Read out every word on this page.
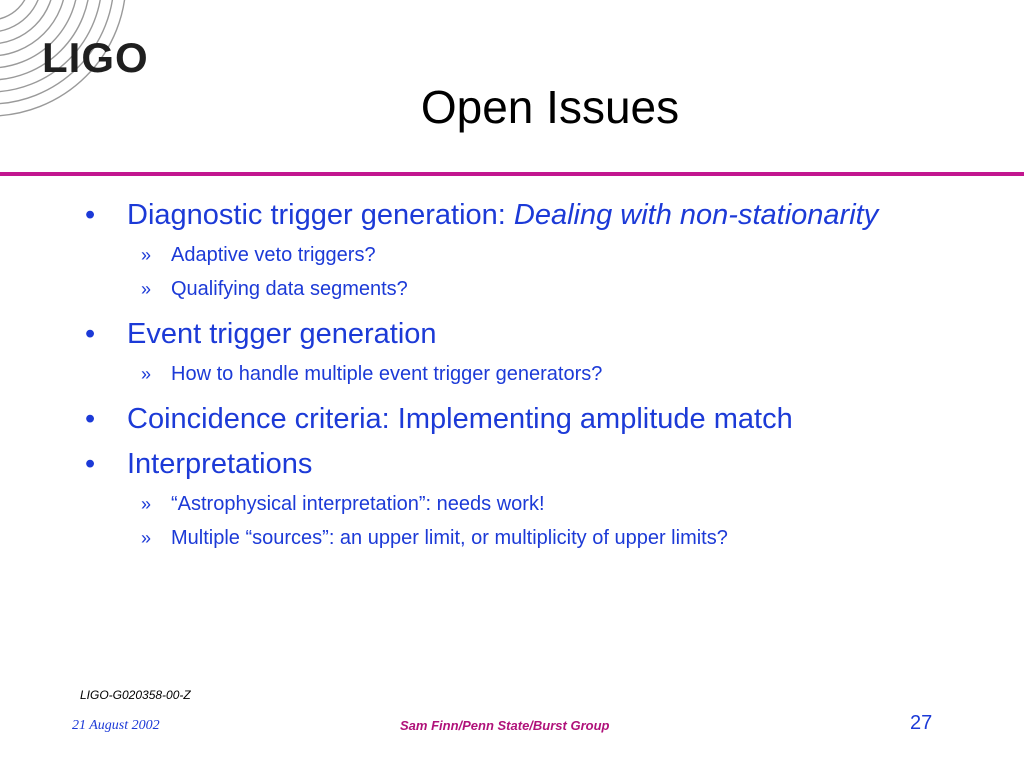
LIGO
Open Issues
• Diagnostic trigger generation: Dealing with non-stationarity
» Adaptive veto triggers?
» Qualifying data segments?
• Event trigger generation
» How to handle multiple event trigger generators?
• Coincidence criteria: Implementing amplitude match
• Interpretations
» “Astrophysical interpretation”: needs work!
» Multiple “sources”: an upper limit, or multiplicity of upper limits?
LIGO-G020358-00-Z
21 August 2002	Sam Finn/Penn State/Burst Group	27
